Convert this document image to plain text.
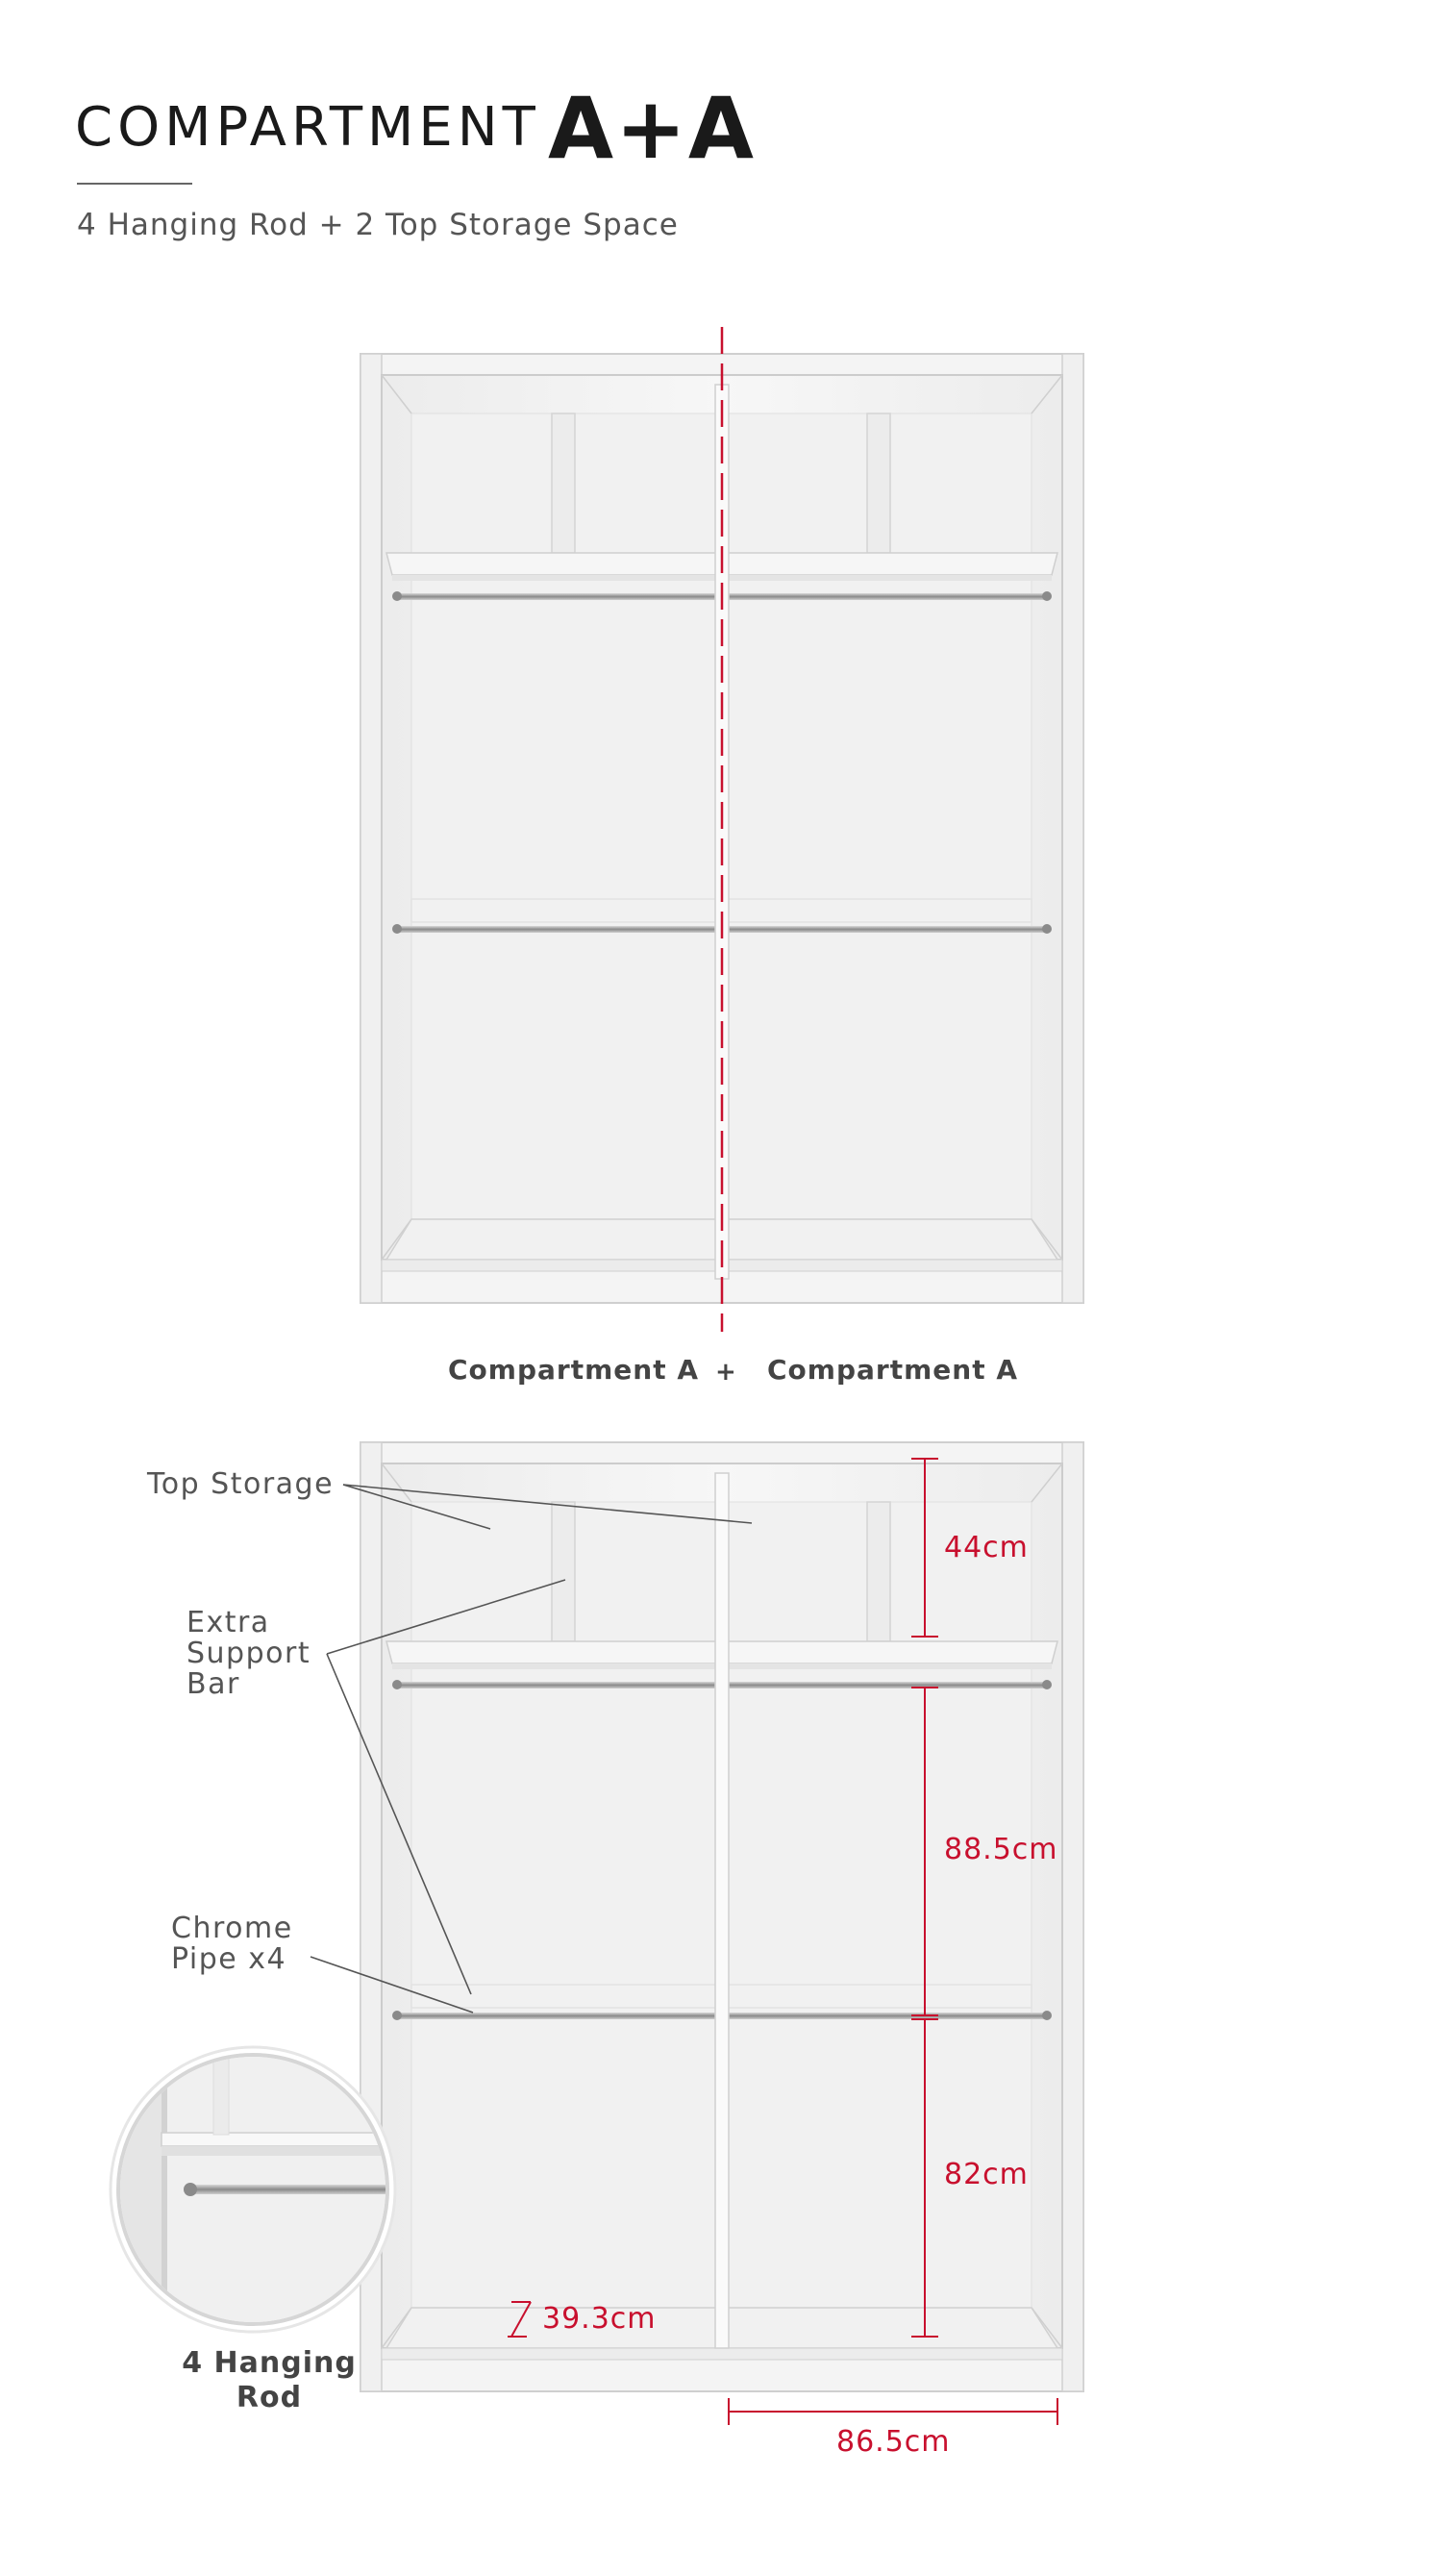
COMPARTMENT A+A
4 Hanging Rod + 2 Top Storage Space
Compartment A + Compartment A
Top Storage
Extra
Support
Bar
Chrome
Pipe x4
44cm
88.5cm
82cm
39.3cm
86.5cm
4 Hanging
Rod
